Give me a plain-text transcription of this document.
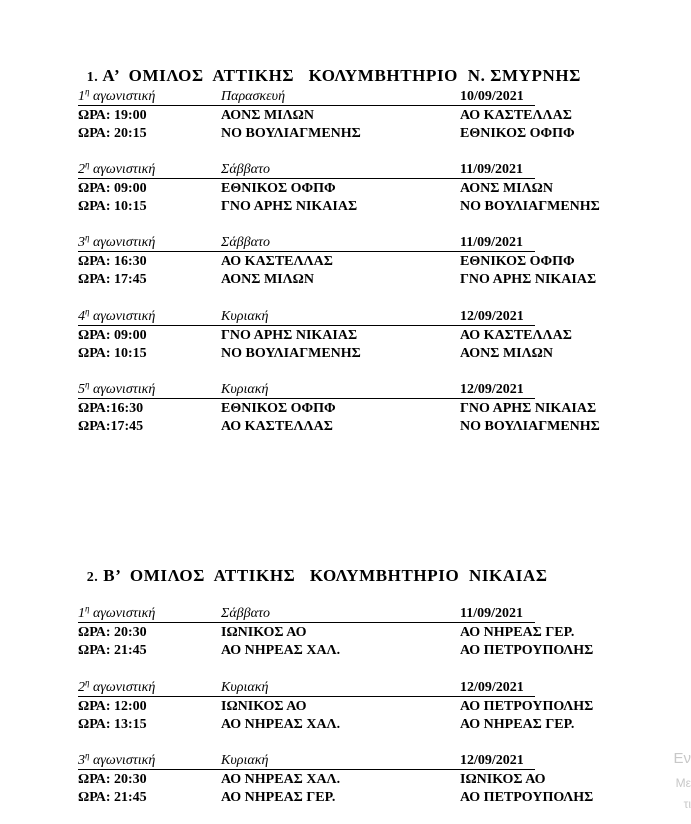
1. Α’  ΟΜΙΛΟΣ  ΑΤΤΙΚΗΣ   ΚΟΛΥΜΒΗΤΗΡΙΟ  Ν. ΣΜΥΡΝΗΣ

$1^\eta$ αγωνιστική	Παρασκευή	10/09/2021
ΩΡΑ: 19:00	ΑΟΝΣ ΜΙΛΩΝ	ΑΟ ΚΑΣΤΕΛΛΑΣ
ΩΡΑ: 20:15	ΝΟ ΒΟΥΛΙΑΓΜΕΝΗΣ	ΕΘΝΙΚΟΣ ΟΦΠΦ
$2^\eta$ αγωνιστική	Σάββατο	11/09/2021
ΩΡΑ: 09:00	ΕΘΝΙΚΟΣ ΟΦΠΦ	ΑΟΝΣ ΜΙΛΩΝ
ΩΡΑ: 10:15	ΓΝΟ ΑΡΗΣ ΝΙΚΑΙΑΣ	ΝΟ ΒΟΥΛΙΑΓΜΕΝΗΣ
$3^\eta$ αγωνιστική	Σάββατο	11/09/2021
ΩΡΑ: 16:30	ΑΟ ΚΑΣΤΕΛΛΑΣ	ΕΘΝΙΚΟΣ ΟΦΠΦ
ΩΡΑ: 17:45	ΑΟΝΣ ΜΙΛΩΝ	ΓΝΟ ΑΡΗΣ ΝΙΚΑΙΑΣ
$4^\eta$ αγωνιστική	Κυριακή	12/09/2021
ΩΡΑ: 09:00	ΓΝΟ ΑΡΗΣ ΝΙΚΑΙΑΣ	ΑΟ ΚΑΣΤΕΛΛΑΣ
ΩΡΑ: 10:15	ΝΟ ΒΟΥΛΙΑΓΜΕΝΗΣ	ΑΟΝΣ ΜΙΛΩΝ
$5^\eta$ αγωνιστική	Κυριακή	12/09/2021
ΩΡΑ:16:30	ΕΘΝΙΚΟΣ ΟΦΠΦ	ΓΝΟ ΑΡΗΣ ΝΙΚΑΙΑΣ
ΩΡΑ:17:45	ΑΟ ΚΑΣΤΕΛΛΑΣ	ΝΟ ΒΟΥΛΙΑΓΜΕΝΗΣ

2. Β’  ΟΜΙΛΟΣ  ΑΤΤΙΚΗΣ   ΚΟΛΥΜΒΗΤΗΡΙΟ  ΝΙΚΑΙΑΣ

$1^\eta$ αγωνιστική	Σάββατο	11/09/2021
ΩΡΑ: 20:30	ΙΩΝΙΚΟΣ ΑΟ	ΑΟ ΝΗΡΕΑΣ ΓΕΡ.
ΩΡΑ: 21:45	ΑΟ ΝΗΡΕΑΣ ΧΑΛ.	ΑΟ ΠΕΤΡΟΥΠΟΛΗΣ
$2^\eta$ αγωνιστική	Κυριακή	12/09/2021
ΩΡΑ: 12:00	ΙΩΝΙΚΟΣ ΑΟ	ΑΟ ΠΕΤΡΟΥΠΟΛΗΣ
ΩΡΑ: 13:15	ΑΟ ΝΗΡΕΑΣ ΧΑΛ.	ΑΟ ΝΗΡΕΑΣ ΓΕΡ.
$3^\eta$ αγωνιστική	Κυριακή	12/09/2021
ΩΡΑ: 20:30	ΑΟ ΝΗΡΕΑΣ ΧΑΛ.	ΙΩΝΙΚΟΣ ΑΟ
ΩΡΑ: 21:45	ΑΟ ΝΗΡΕΑΣ ΓΕΡ.	ΑΟ ΠΕΤΡΟΥΠΟΛΗΣ
Εν
Με
τι
